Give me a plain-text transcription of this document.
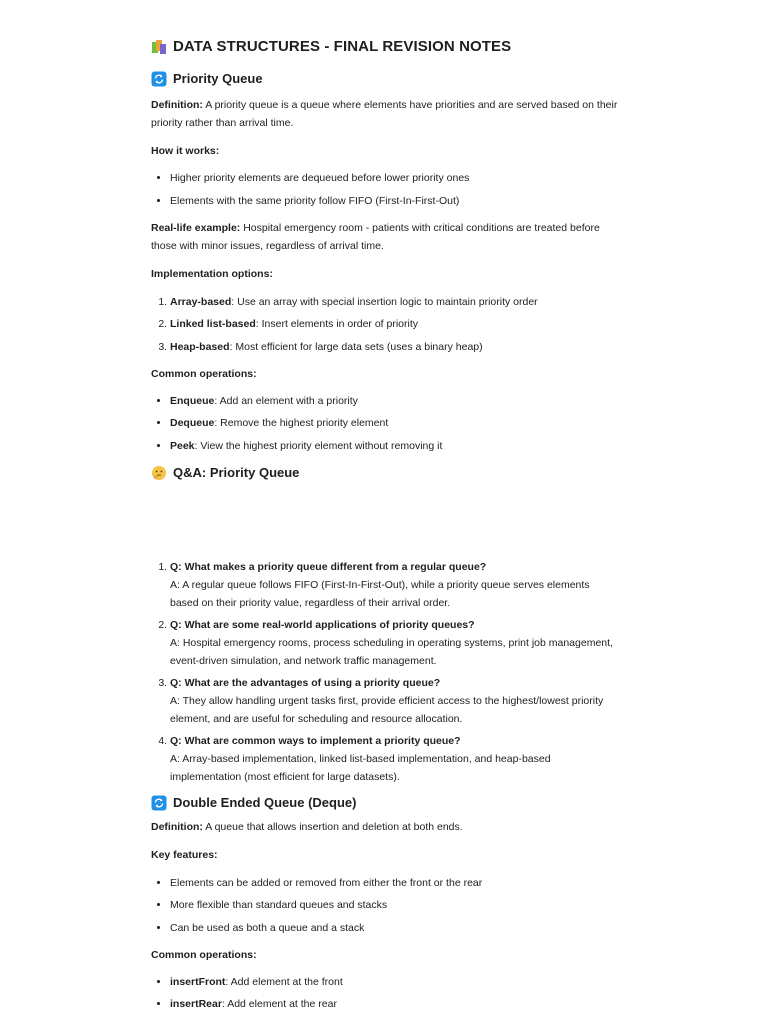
DATA STRUCTURES - FINAL REVISION NOTES
Priority Queue

Definition: A priority queue is a queue where elements have priorities and are served based on their priority rather than arrival time.

How it works:

• Higher priority elements are dequeued before lower priority ones
• Elements with the same priority follow FIFO (First-In-First-Out)

Real-life example: Hospital emergency room - patients with critical conditions are treated before those with minor issues, regardless of arrival time.

Implementation options:

1. Array-based: Use an array with special insertion logic to maintain priority order
2. Linked list-based: Insert elements in order of priority
3. Heap-based: Most efficient for large data sets (uses a binary heap)

Common operations:

• Enqueue: Add an element with a priority
• Dequeue: Remove the highest priority element
• Peek: View the highest priority element without removing it
Q&A: Priority Queue
1. Q: What makes a priority queue different from a regular queue?
A: A regular queue follows FIFO (First-In-First-Out), while a priority queue serves elements based on their priority value, regardless of their arrival order.
2. Q: What are some real-world applications of priority queues?
A: Hospital emergency rooms, process scheduling in operating systems, print job management, event-driven simulation, and network traffic management.
3. Q: What are the advantages of using a priority queue?
A: They allow handling urgent tasks first, provide efficient access to the highest/lowest priority element, and are useful for scheduling and resource allocation.
4. Q: What are common ways to implement a priority queue?
A: Array-based implementation, linked list-based implementation, and heap-based implementation (most efficient for large datasets).
Double Ended Queue (Deque)

Definition: A queue that allows insertion and deletion at both ends.

Key features:

• Elements can be added or removed from either the front or the rear
• More flexible than standard queues and stacks
• Can be used as both a queue and a stack

Common operations:

• insertFront: Add element at the front
• insertRear: Add element at the rear
